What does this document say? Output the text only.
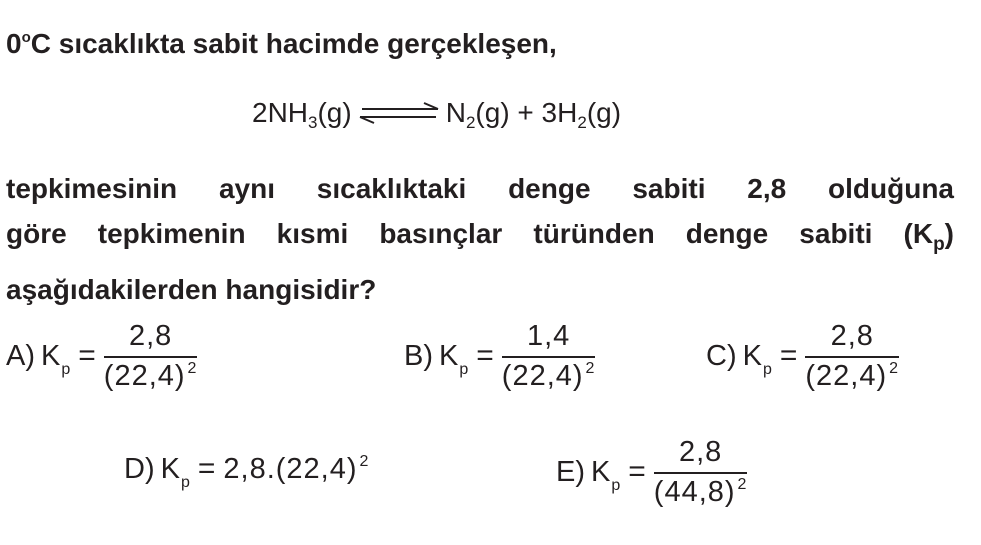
0$^o$C sıcaklıkta sabit hacimde gerçekleşen,
$2NH_3(g)$ ⇌ $N_2(g) + 3H_2(g)$
tepkimesinin aynı sıcaklıktaki denge sabiti 2,8 olduğuna
göre tepkimenin kısmi basınçlar türünden denge sabiti $(K_p)$
aşağıdakilerden hangisidir?
A) K $p = \frac{2,8}{(22,4) ^2}$	B) K $p = \frac{1,4}{(22,4) ^2}$	C) K $p = \frac{2,8}{(22,4) ^2}$
D) K p = 2,8.(22,4) $^2$	E) K $p = \frac{2,8}{(44,8) ^2}$
